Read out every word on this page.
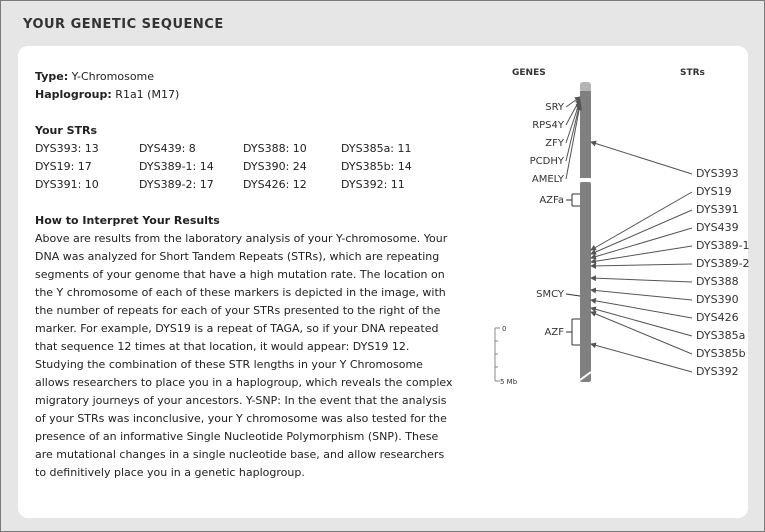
YOUR GENETIC SEQUENCE
Type: Y-Chromosome
Haplogroup: R1a1 (M17)
Your STRs
DYS393: 13	DYS439: 8	DYS388: 10	DYS385a: 11
DYS19: 17	DYS389-1: 14	DYS390: 24	DYS385b: 14
DYS391: 10	DYS389-2: 17	DYS426: 12	DYS392: 11
How to Interpret Your Results
Above are results from the laboratory analysis of your Y-chromosome. Your DNA was analyzed for Short Tandem Repeats (STRs), which are repeating segments of your genome that have a high mutation rate. The location on the Y chromosome of each of these markers is depicted in the image, with the number of repeats for each of your STRs presented to the right of the marker. For example, DYS19 is a repeat of TAGA, so if your DNA repeated that sequence 12 times at that location, it would appear: DYS19 12. Studying the combination of these STR lengths in your Y Chromosome allows researchers to place you in a haplogroup, which reveals the complex migratory journeys of your ancestors. Y-SNP: In the event that the analysis of your STRs was inconclusive, your Y chromosome was also tested for the presence of an informative Single Nucleotide Polymorphism (SNP). These are mutational changes in a single nucleotide base, and allow researchers to definitively place you in a genetic haplogroup.
GENES	STRs
SRY
RPS4Y
ZFY
PCDHY
AMELY
AZFa
SMCY
AZF
0
5 Mb
DYS393
DYS19
DYS391
DYS439
DYS389-1
DYS389-2
DYS388
DYS390
DYS426
DYS385a
DYS385b
DYS392
